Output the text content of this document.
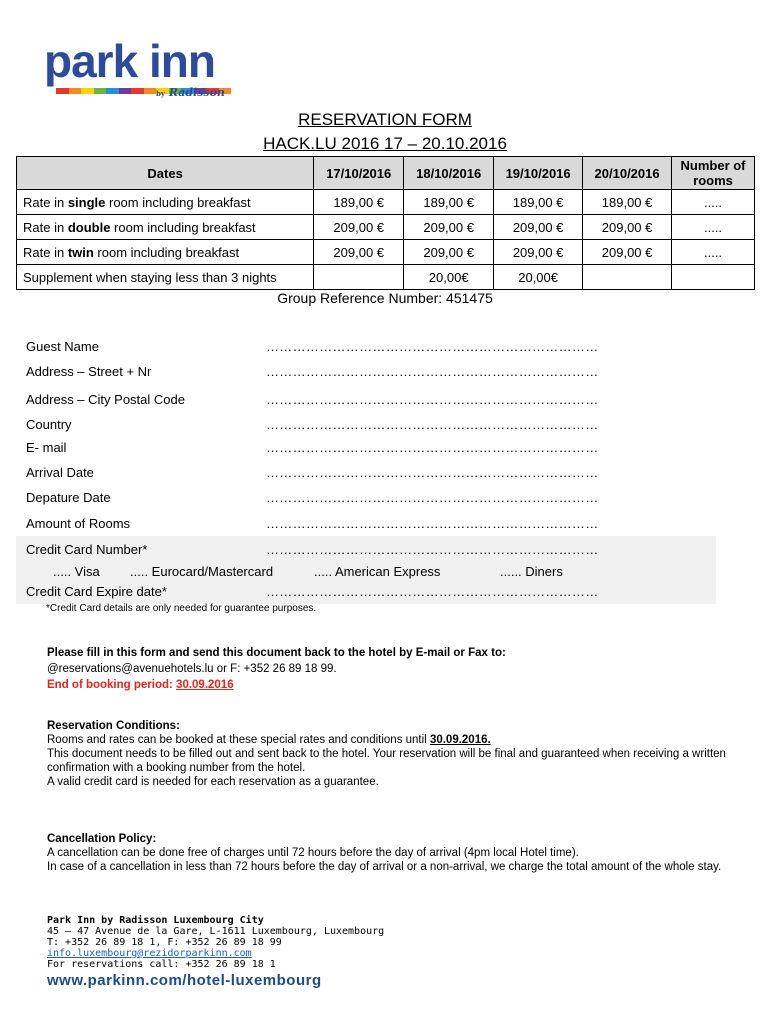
park inn
by Radisson
RESERVATION FORM
HACK.LU 2016 17 – 20.10.2016
Dates	17/10/2016	18/10/2016	19/10/2016	20/10/2016	Number of rooms
Rate in single room including breakfast	189,00 €	189,00 €	189,00 €	189,00 €	.....
Rate in double room including breakfast	209,00 €	209,00 €	209,00 €	209,00 €	.....
Rate in twin room including breakfast	209,00 €	209,00 €	209,00 €	209,00 €	.....
Supplement when staying less than 3 nights		20,00€	20,00€		
Group Reference Number: 451475
Guest Name	…………………………………………………………………
Address – Street + Nr	…………………………………………………………………
Address – City Postal Code	…………………………………………………………………
Country	…………………………………………………………………
E- mail	…………………………………………………………………
Arrival Date	…………………………………………………………………
Depature Date	…………………………………………………………………
Amount of Rooms	…………………………………………………………………
Credit Card Number*	…………………………………………………………………
..... Visa ..... Eurocard/Mastercard	..... American Express	...... Diners
Credit Card Expire date*	…………………………………………………………………
*Credit Card details are only needed for guarantee purposes.
Please fill in this form and send this document back to the hotel by E-mail or Fax to:
@reservations@avenuehotels.lu or F: +352 26 89 18 99.
End of booking period: 30.09.2016
Reservation Conditions:
Rooms and rates can be booked at these special rates and conditions until 30.09.2016.
This document needs to be filled out and sent back to the hotel. Your reservation will be final and guaranteed when receiving a written confirmation with a booking number from the hotel.
A valid credit card is needed for each reservation as a guarantee.
Cancellation Policy:
A cancellation can be done free of charges until 72 hours before the day of arrival (4pm local Hotel time).
In case of a cancellation in less than 72 hours before the day of arrival or a non-arrival, we charge the total amount of the whole stay.
Park Inn by Radisson Luxembourg City
45 – 47 Avenue de la Gare, L-1611 Luxembourg, Luxembourg
T: +352 26 89 18 1, F: +352 26 89 18 99
info.luxembourg@rezidorparkinn.com
For reservations call: +352 26 89 18 1
www.parkinn.com/hotel-luxembourg
